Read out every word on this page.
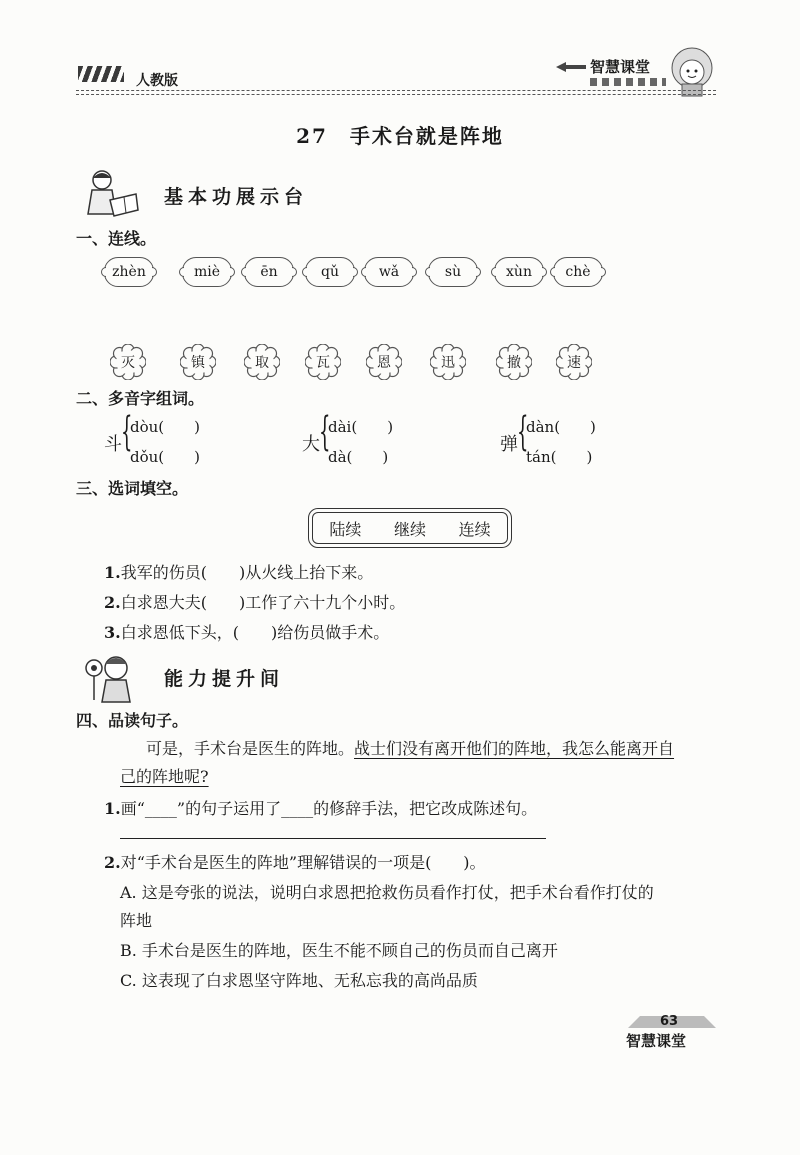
人教版
智慧课堂
27　手术台就是阵地
基本功展示台
一、连线。
zhèn	miè	ēn	qǔ	wǎ	sù	xùn	chè
灭	镇	取	瓦	恩	迅	撤	速
二、多音字组词。
斗 {
dòu(　　)
dǒu(　　)
大 {
dài(　　)
dà(　　)
弹 {
dàn(　　)
tán(　　)
三、选词填空。
陆续 继续 连续
1.我军的伤员(　　)从火线上抬下来。
2.白求恩大夫(　　)工作了六十九个小时。
3.白求恩低下头，(　　)给伤员做手术。
能力提升间
四、品读句子。
可是，手术台是医生的阵地。战士们没有离开他们的阵地，我怎么能离开自
己的阵地呢?
1.画“____”的句子运用了____的修辞手法，把它改成陈述句。
2.对“手术台是医生的阵地”理解错误的一项是(　　)。
A. 这是夸张的说法，说明白求恩把抢救伤员看作打仗，把手术台看作打仗的
阵地
B. 手术台是医生的阵地，医生不能不顾自己的伤员而自己离开
C. 这表现了白求恩坚守阵地、无私忘我的高尚品质
63
智慧课堂
